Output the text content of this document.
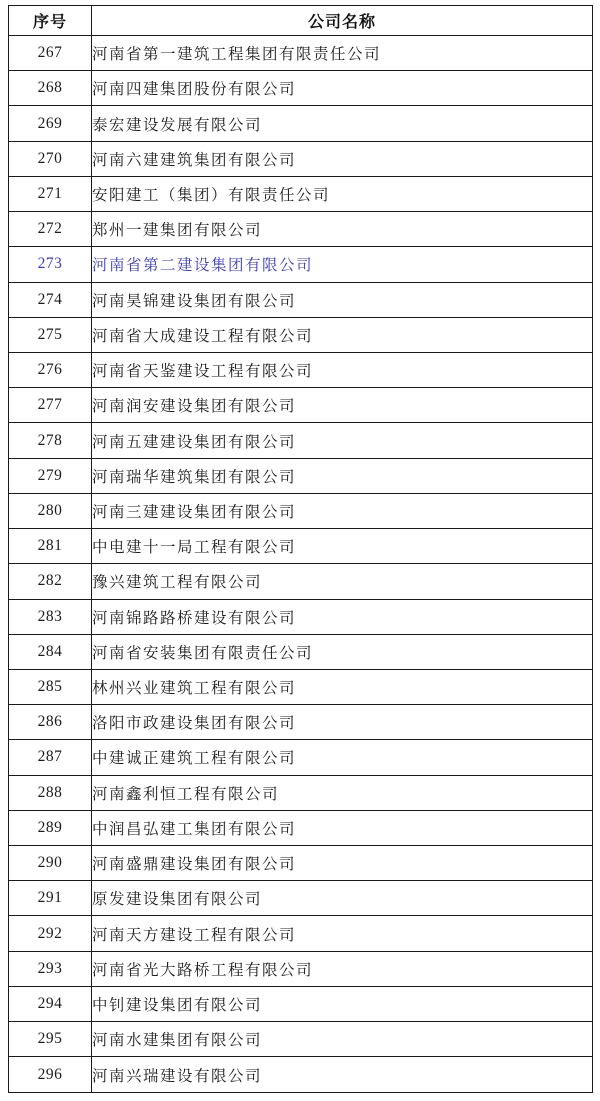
序号	公司名称
267	河南省第一建筑工程集团有限责任公司
268	河南四建集团股份有限公司
269	泰宏建设发展有限公司
270	河南六建建筑集团有限公司
271	安阳建工（集团）有限责任公司
272	郑州一建集团有限公司
273	河南省第二建设集团有限公司
274	河南昊锦建设集团有限公司
275	河南省大成建设工程有限公司
276	河南省天鉴建设工程有限公司
277	河南润安建设集团有限公司
278	河南五建建设集团有限公司
279	河南瑞华建筑集团有限公司
280	河南三建建设集团有限公司
281	中电建十一局工程有限公司
282	豫兴建筑工程有限公司
283	河南锦路路桥建设有限公司
284	河南省安装集团有限责任公司
285	林州兴业建筑工程有限公司
286	洛阳市政建设集团有限公司
287	中建诚正建筑工程有限公司
288	河南鑫利恒工程有限公司
289	中润昌弘建工集团有限公司
290	河南盛鼎建设集团有限公司
291	原发建设集团有限公司
292	河南天方建设工程有限公司
293	河南省光大路桥工程有限公司
294	中钊建设集团有限公司
295	河南水建集团有限公司
296	河南兴瑞建设有限公司
